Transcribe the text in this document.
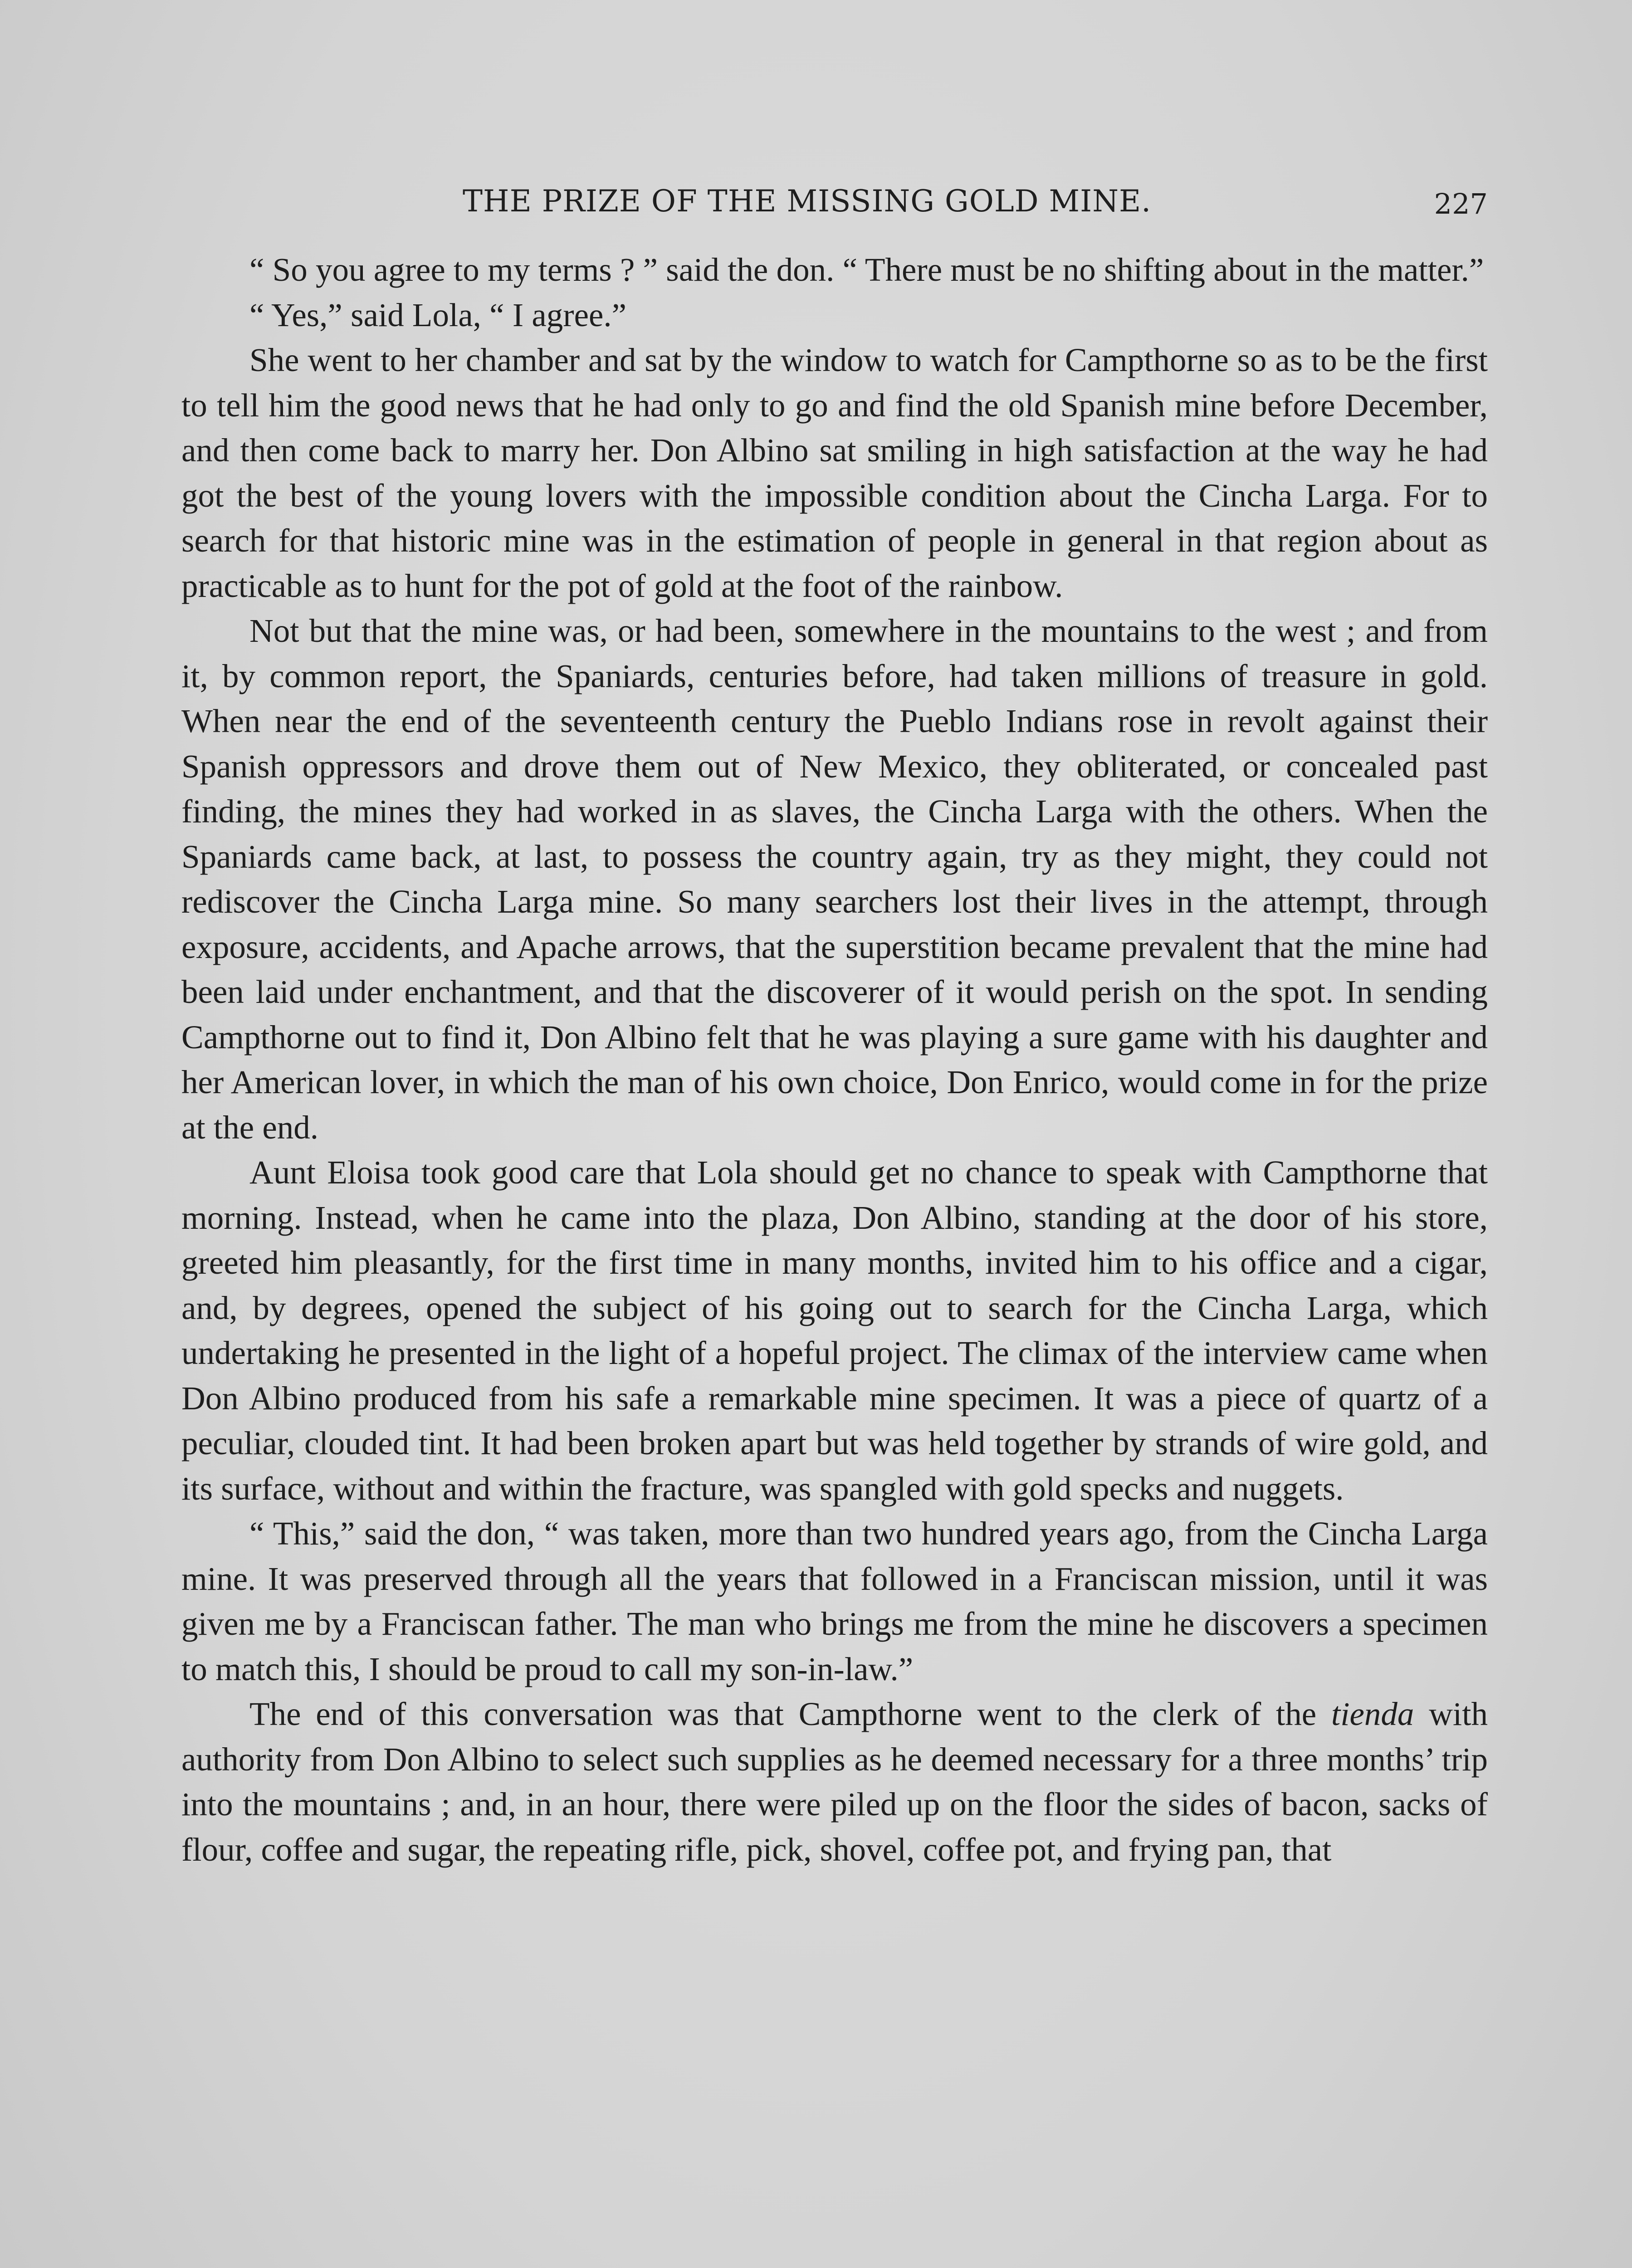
THE PRIZE OF THE MISSING GOLD MINE.	227

“ So you agree to my terms ? ” said the don. “ There must be no shifting about in the matter.”

“ Yes,” said Lola, “ I agree.”

She went to her chamber and sat by the window to watch for Campthorne so as to be the first to tell him the good news that he had only to go and find the old Spanish mine before December, and then come back to marry her. Don Albino sat smiling in high satisfaction at the way he had got the best of the young lovers with the impossible condition about the Cincha Larga. For to search for that historic mine was in the estimation of people in general in that region about as practicable as to hunt for the pot of gold at the foot of the rainbow.

Not but that the mine was, or had been, somewhere in the mountains to the west ; and from it, by common report, the Spaniards, centuries before, had taken millions of treasure in gold. When near the end of the seventeenth century the Pueblo Indians rose in revolt against their Spanish oppressors and drove them out of New Mexico, they obliterated, or concealed past finding, the mines they had worked in as slaves, the Cincha Larga with the others. When the Spaniards came back, at last, to possess the country again, try as they might, they could not rediscover the Cincha Larga mine. So many searchers lost their lives in the attempt, through exposure, accidents, and Apache arrows, that the superstition became prevalent that the mine had been laid under enchantment, and that the discoverer of it would perish on the spot. In sending Campthorne out to find it, Don Albino felt that he was playing a sure game with his daughter and her American lover, in which the man of his own choice, Don Enrico, would come in for the prize at the end.

Aunt Eloisa took good care that Lola should get no chance to speak with Campthorne that morning. Instead, when he came into the plaza, Don Albino, standing at the door of his store, greeted him pleasantly, for the first time in many months, invited him to his office and a cigar, and, by degrees, opened the subject of his going out to search for the Cincha Larga, which undertaking he presented in the light of a hopeful project. The climax of the interview came when Don Albino produced from his safe a remarkable mine specimen. It was a piece of quartz of a peculiar, clouded tint. It had been broken apart but was held together by strands of wire gold, and its surface, without and within the fracture, was spangled with gold specks and nuggets.

“ This,” said the don, “ was taken, more than two hundred years ago, from the Cincha Larga mine. It was preserved through all the years that followed in a Franciscan mission, until it was given me by a Franciscan father. The man who brings me from the mine he discovers a specimen to match this, I should be proud to call my son-in-law.”

The end of this conversation was that Campthorne went to the clerk of the tienda with authority from Don Albino to select such supplies as he deemed necessary for a three months’ trip into the mountains ; and, in an hour, there were piled up on the floor the sides of bacon, sacks of flour, coffee and sugar, the repeating rifle, pick, shovel, coffee pot, and frying pan, that
